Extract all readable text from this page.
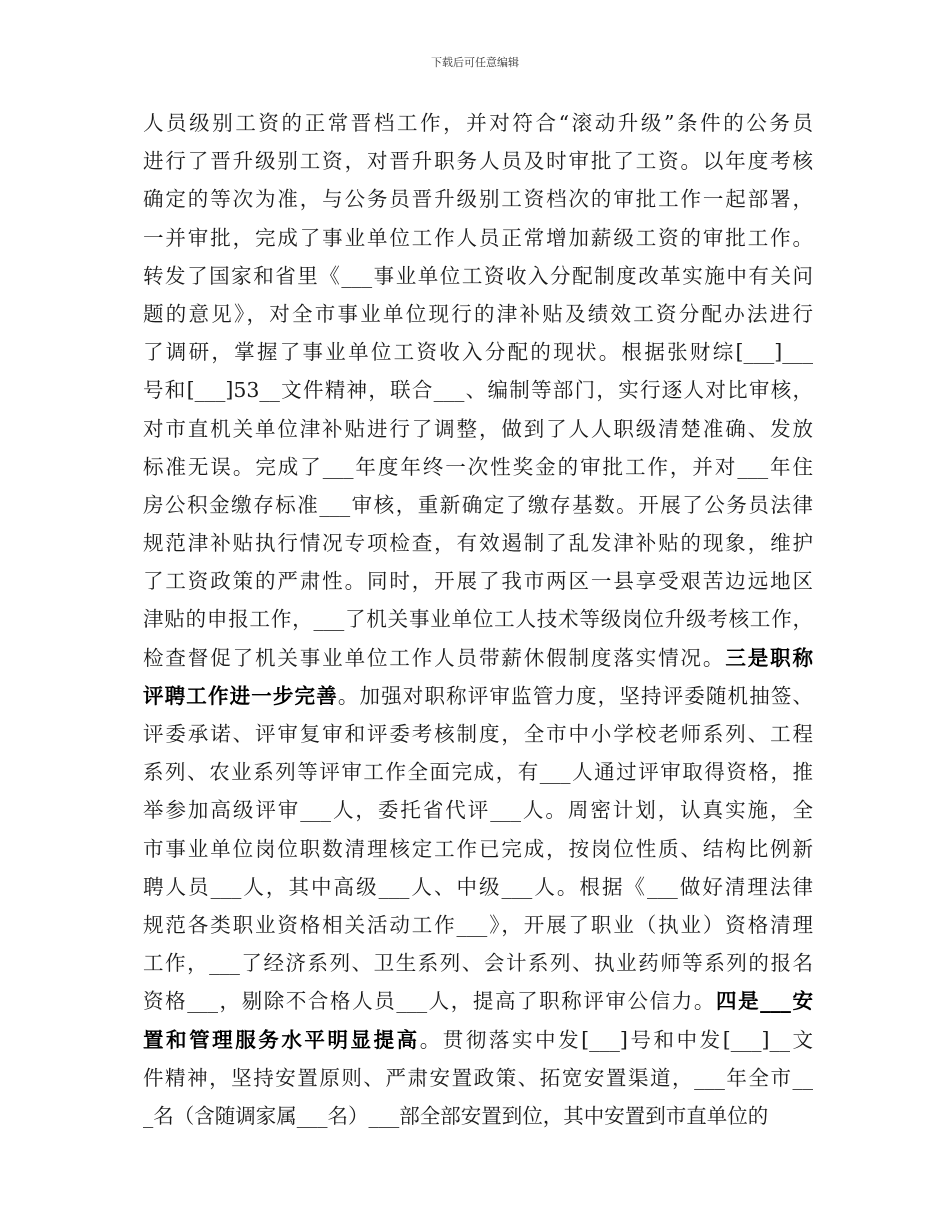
下载后可任意编辑
人员级别工资的正常晋档工作，并对符合“滚动升级”条件的公务员
进行了晋升级别工资，对晋升职务人员及时审批了工资。以年度考核
确定的等次为准，与公务员晋升级别工资档次的审批工作一起部署，
一并审批，完成了事业单位工作人员正常增加薪级工资的审批工作。
转发了国家和省里《___事业单位工资收入分配制度改革实施中有关问
题的意见》，对全市事业单位现行的津补贴及绩效工资分配办法进行
了调研，掌握了事业单位工资收入分配的现状。根据张财综[___]___
号和[___]53__文件精神，联合___、编制等部门，实行逐人对比审核，
对市直机关单位津补贴进行了调整，做到了人人职级清楚准确、发放
标准无误。完成了___年度年终一次性奖金的审批工作，并对___年住
房公积金缴存标准___审核，重新确定了缴存基数。开展了公务员法律
规范津补贴执行情况专项检查，有效遏制了乱发津补贴的现象，维护
了工资政策的严肃性。同时，开展了我市两区一县享受艰苦边远地区
津贴的申报工作，___了机关事业单位工人技术等级岗位升级考核工作，
检查督促了机关事业单位工作人员带薪休假制度落实情况。三是职称
评聘工作进一步完善。加强对职称评审监管力度，坚持评委随机抽签、
评委承诺、评审复审和评委考核制度，全市中小学校老师系列、工程
系列、农业系列等评审工作全面完成，有___人通过评审取得资格，推
举参加高级评审___人，委托省代评___人。周密计划，认真实施，全
市事业单位岗位职数清理核定工作已完成，按岗位性质、结构比例新
聘人员___人，其中高级___人、中级___人。根据《___做好清理法律
规范各类职业资格相关活动工作___》，开展了职业（执业）资格清理
工作，___了经济系列、卫生系列、会计系列、执业药师等系列的报名
资格___，剔除不合格人员___人，提高了职称评审公信力。四是___安
置和管理服务水平明显提高。贯彻落实中发[___]号和中发[___]__文
件精神，坚持安置原则、严肃安置政策、拓宽安置渠道，___年全市__
_名（含随调家属___名）___部全部安置到位，其中安置到市直单位的
